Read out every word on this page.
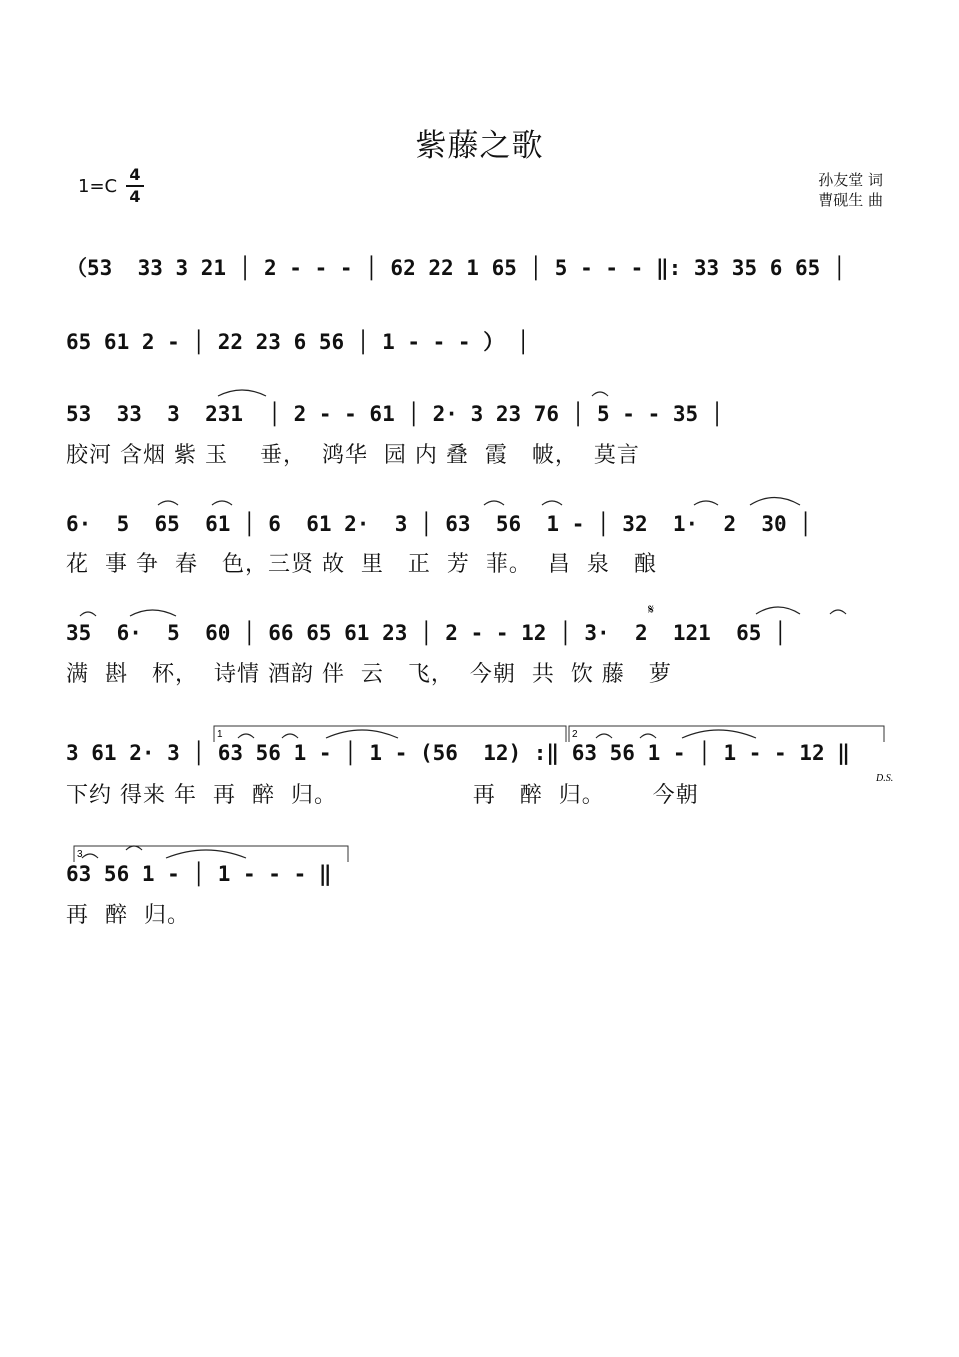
紫藤之歌
1=C
4
4
孙友堂 词
曹砚生 曲
（53  33 3 21 │ 2 - - - │ 62 22 1 65 │ 5 - - - ‖: 33 35 6 65 │
65 61 2 - │ 22 23 6 56 │ 1 - - - ） │
53  33  3  231  │ 2 - - 61 │ 2· 3 23 76 │ 5 - - 35 │
胶河 含烟 紫 玉    垂，  鸿华  园 内 叠  霞   帔，  莫言
6·  5  65  61 │ 6  61 2·  3 │ 63  56  1 - │ 32  1·  2  30 │
花  事 争  春   色，三贤 故  里   正  芳  菲。  昌  泉   酿
35  6·  5  60 │ 66 65 61 23 │ 2 - - 12 │ 3·  2  121  65 │
满  斟   杯，  诗情 酒韵 伴  云   飞，  今朝  共  饮 藤   萝
3 61 2· 3 │ 63 56 1 - │ 1 - (56  12) :‖ 63 56 1 - │ 1 - - 12 ‖
下约 得来 年  再  醉  归。                 再   醉  归。      今朝
63 56 1 - │ 1 - - - ‖
再  醉  归。
1	2
3
𝄋
D.S.
